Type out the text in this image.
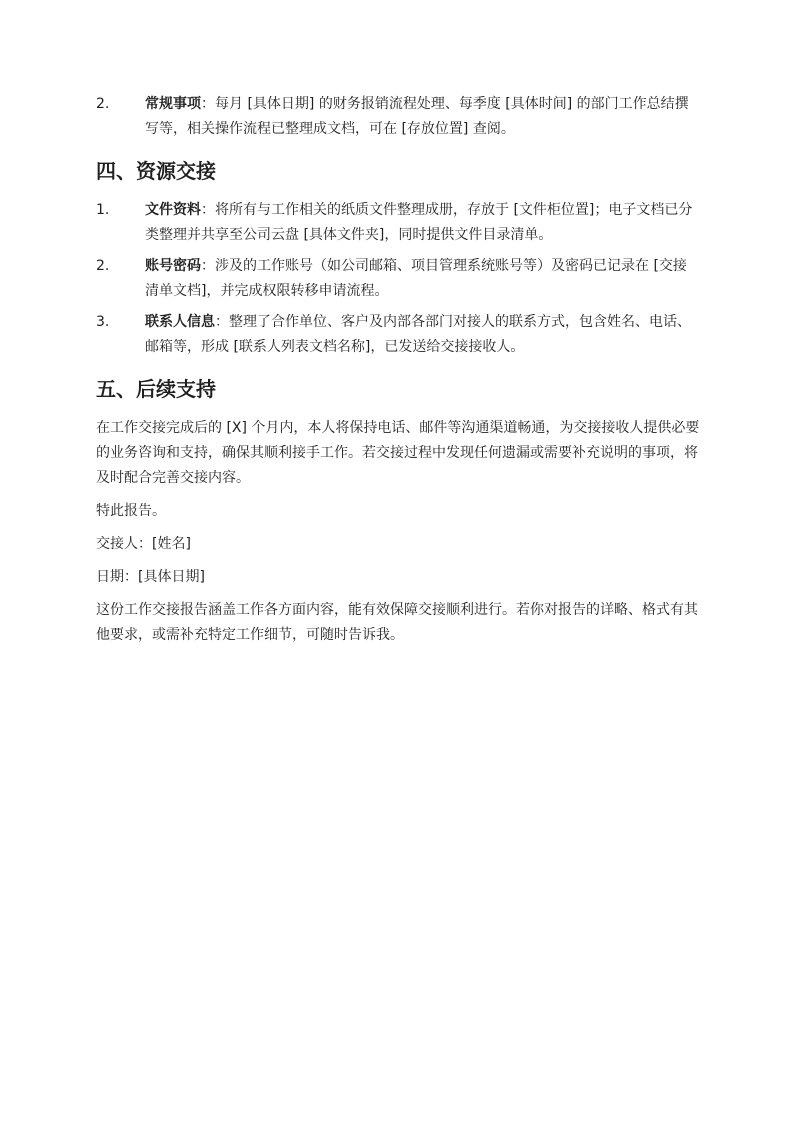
2.	常规事项：每月 [具体日期] 的财务报销流程处理、每季度 [具体时间] 的部门工作总结撰写等，相关操作流程已整理成文档，可在 [存放位置] 查阅。
四、资源交接
1.	文件资料：将所有与工作相关的纸质文件整理成册，存放于 [文件柜位置]；电子文档已分类整理并共享至公司云盘 [具体文件夹]，同时提供文件目录清单。
2.	账号密码：涉及的工作账号（如公司邮箱、项目管理系统账号等）及密码已记录在 [交接清单文档]，并完成权限转移申请流程。
3.	联系人信息：整理了合作单位、客户及内部各部门对接人的联系方式，包含姓名、电话、邮箱等，形成 [联系人列表文档名称]，已发送给交接接收人。
五、后续支持

在工作交接完成后的 [X] 个月内，本人将保持电话、邮件等沟通渠道畅通，为交接接收人提供必要的业务咨询和支持，确保其顺利接手工作。若交接过程中发现任何遗漏或需要补充说明的事项，将及时配合完善交接内容。

特此报告。

交接人：[姓名]

日期：[具体日期]

这份工作交接报告涵盖工作各方面内容，能有效保障交接顺利进行。若你对报告的详略、格式有其他要求，或需补充特定工作细节，可随时告诉我。
